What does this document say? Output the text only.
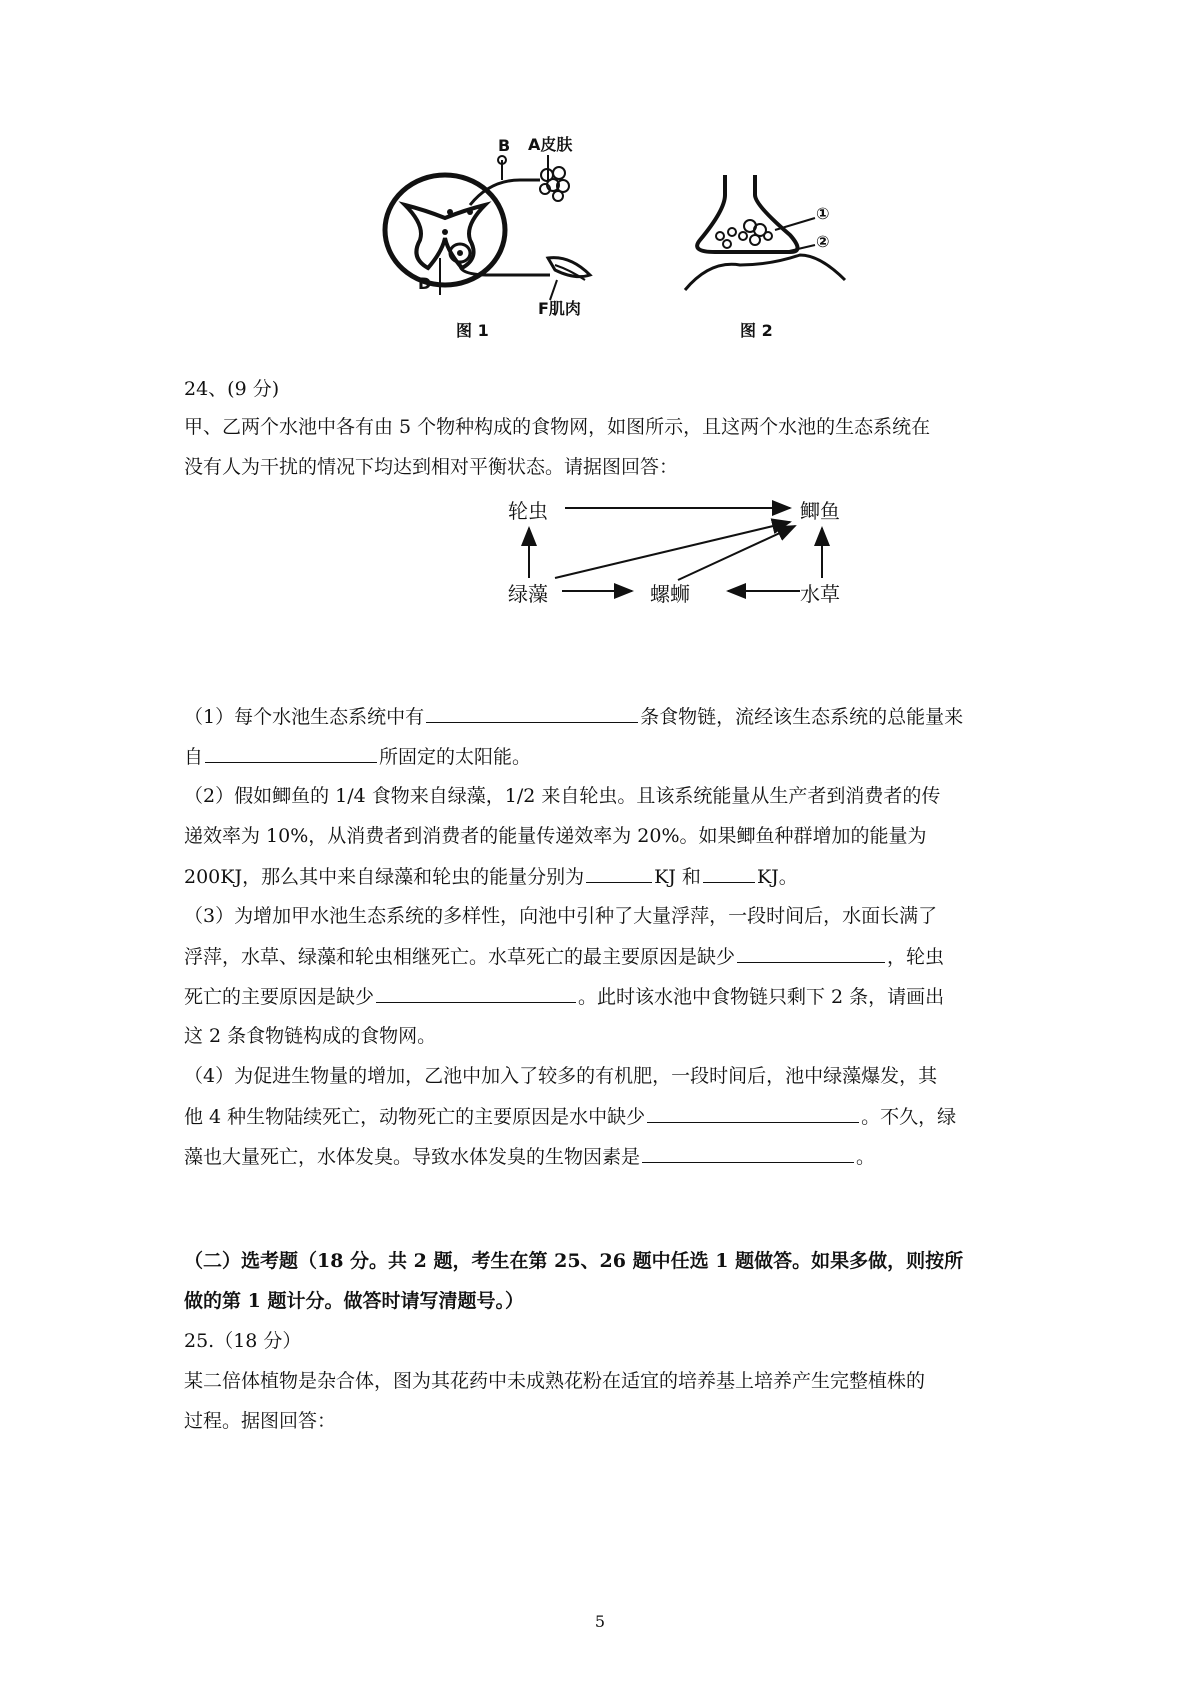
B A皮肤
D
F肌肉
图 1
①
②
图 2
24、(9 分)
甲、乙两个水池中各有由 5 个物种构成的食物网，如图所示，且这两个水池的生态系统在
没有人为干扰的情况下均达到相对平衡状态。请据图回答：
轮虫	鲫鱼
绿藻	螺蛳	水草
（1）每个水池生态系统中有	条食物链，流经该生态系统的总能量来
自	所固定的太阳能。
（2）假如鲫鱼的 1/4 食物来自绿藻，1/2 来自轮虫。且该系统能量从生产者到消费者的传
递效率为 10%，从消费者到消费者的能量传递效率为 20%。如果鲫鱼种群增加的能量为
200KJ，那么其中来自绿藻和轮虫的能量分别为	KJ 和	KJ。
（3）为增加甲水池生态系统的多样性，向池中引种了大量浮萍，一段时间后，水面长满了
浮萍，水草、绿藻和轮虫相继死亡。水草死亡的最主要原因是缺少	，轮虫
死亡的主要原因是缺少	。此时该水池中食物链只剩下 2 条，请画出
这 2 条食物链构成的食物网。
（4）为促进生物量的增加，乙池中加入了较多的有机肥，一段时间后，池中绿藻爆发，其
他 4 种生物陆续死亡，动物死亡的主要原因是水中缺少	。不久，绿
藻也大量死亡，水体发臭。导致水体发臭的生物因素是	。
（二）选考题（18 分。共 2 题，考生在第 25、26 题中任选 1 题做答。如果多做，则按所
做的第 1 题计分。做答时请写清题号。）
25.（18 分）
某二倍体植物是杂合体，图为其花药中未成熟花粉在适宜的培养基上培养产生完整植株的
过程。据图回答：
5
